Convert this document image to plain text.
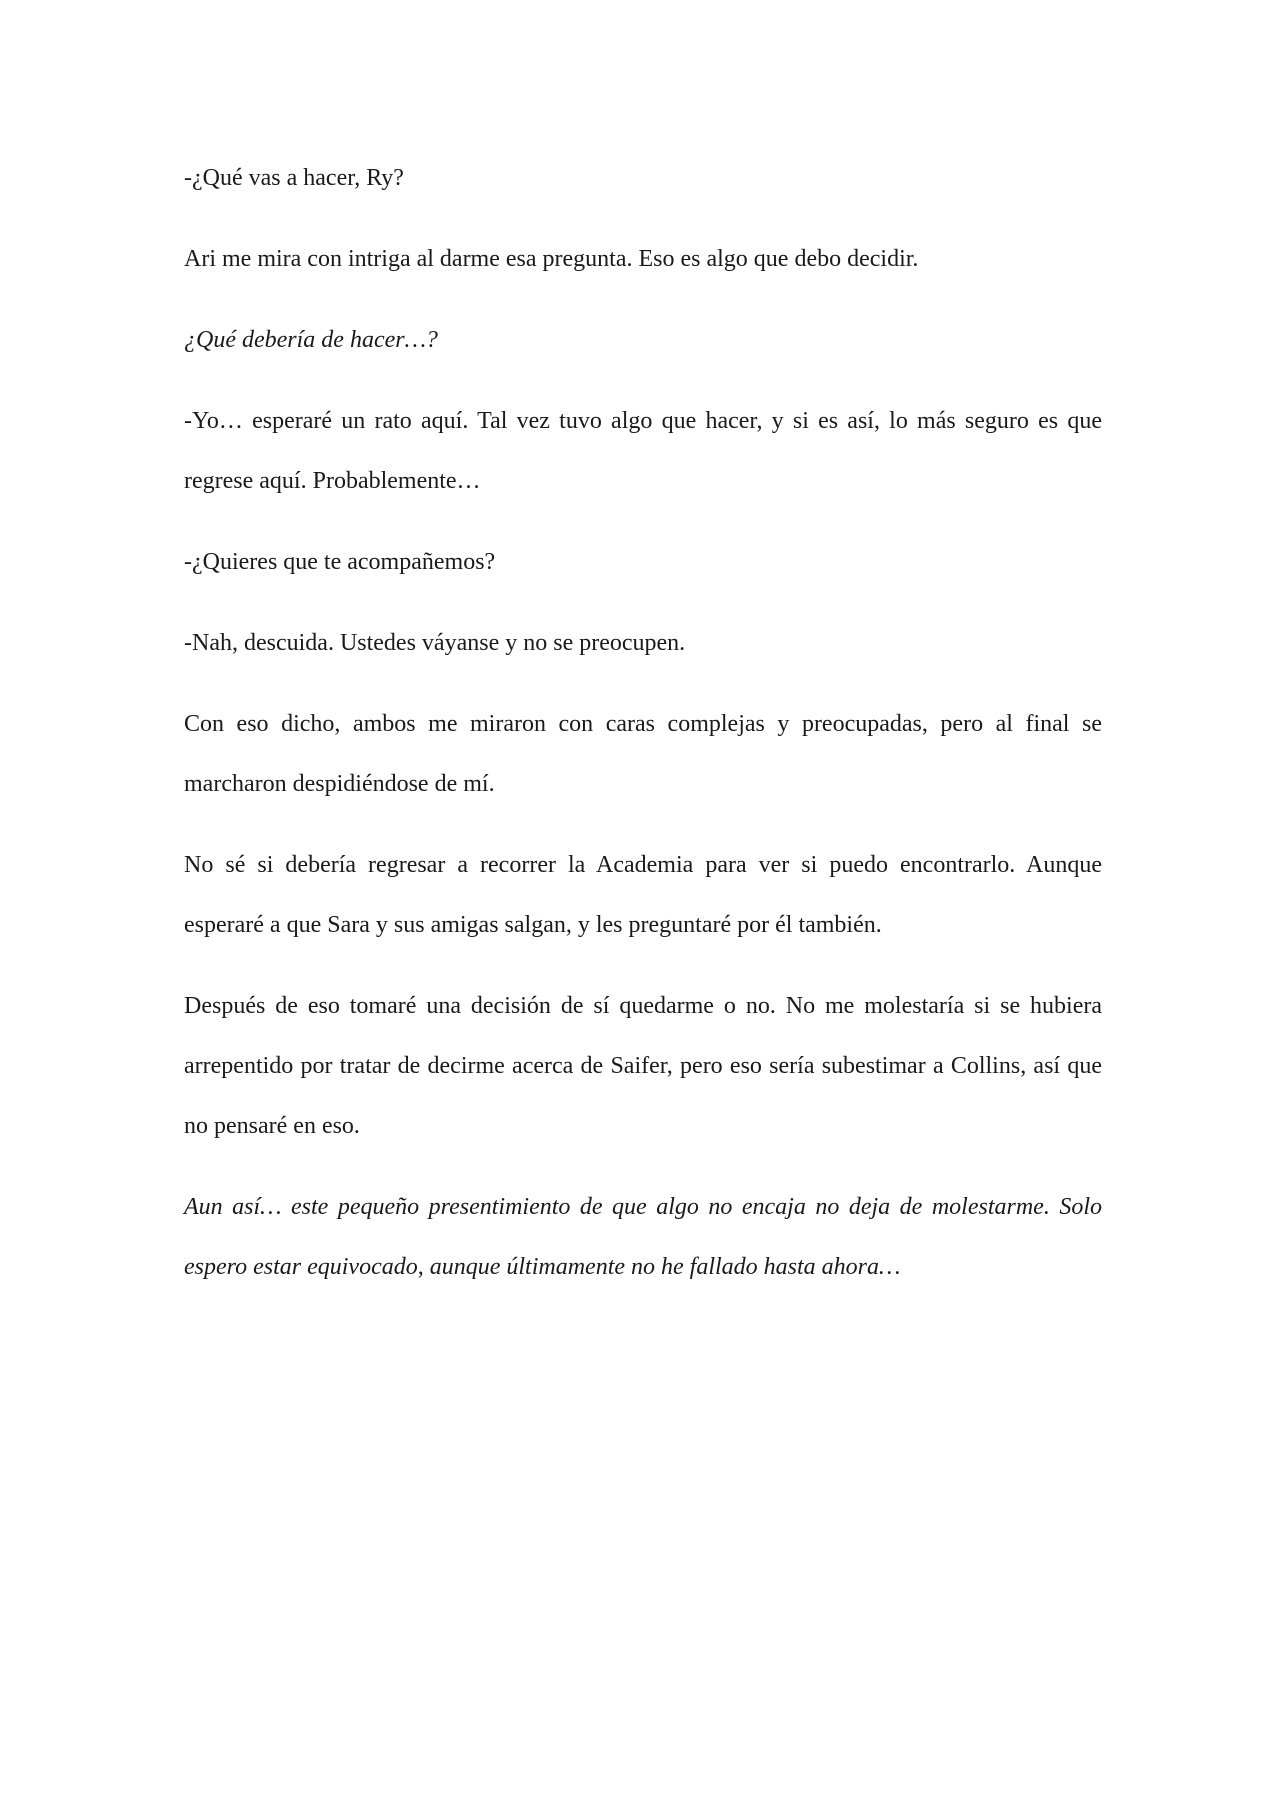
-¿Qué vas a hacer, Ry?

Ari me mira con intriga al darme esa pregunta. Eso es algo que debo decidir.

¿Qué debería de hacer…?

-Yo… esperaré un rato aquí. Tal vez tuvo algo que hacer, y si es así, lo más seguro es que regrese aquí. Probablemente…

-¿Quieres que te acompañemos?

-Nah, descuida. Ustedes váyanse y no se preocupen.

Con eso dicho, ambos me miraron con caras complejas y preocupadas, pero al final se marcharon despidiéndose de mí.

No sé si debería regresar a recorrer la Academia para ver si puedo encontrarlo. Aunque esperaré a que Sara y sus amigas salgan, y les preguntaré por él también.

Después de eso tomaré una decisión de sí quedarme o no. No me molestaría si se hubiera arrepentido por tratar de decirme acerca de Saifer, pero eso sería subestimar a Collins, así que no pensaré en eso.

Aun así… este pequeño presentimiento de que algo no encaja no deja de molestarme. Solo espero estar equivocado, aunque últimamente no he fallado hasta ahora…
